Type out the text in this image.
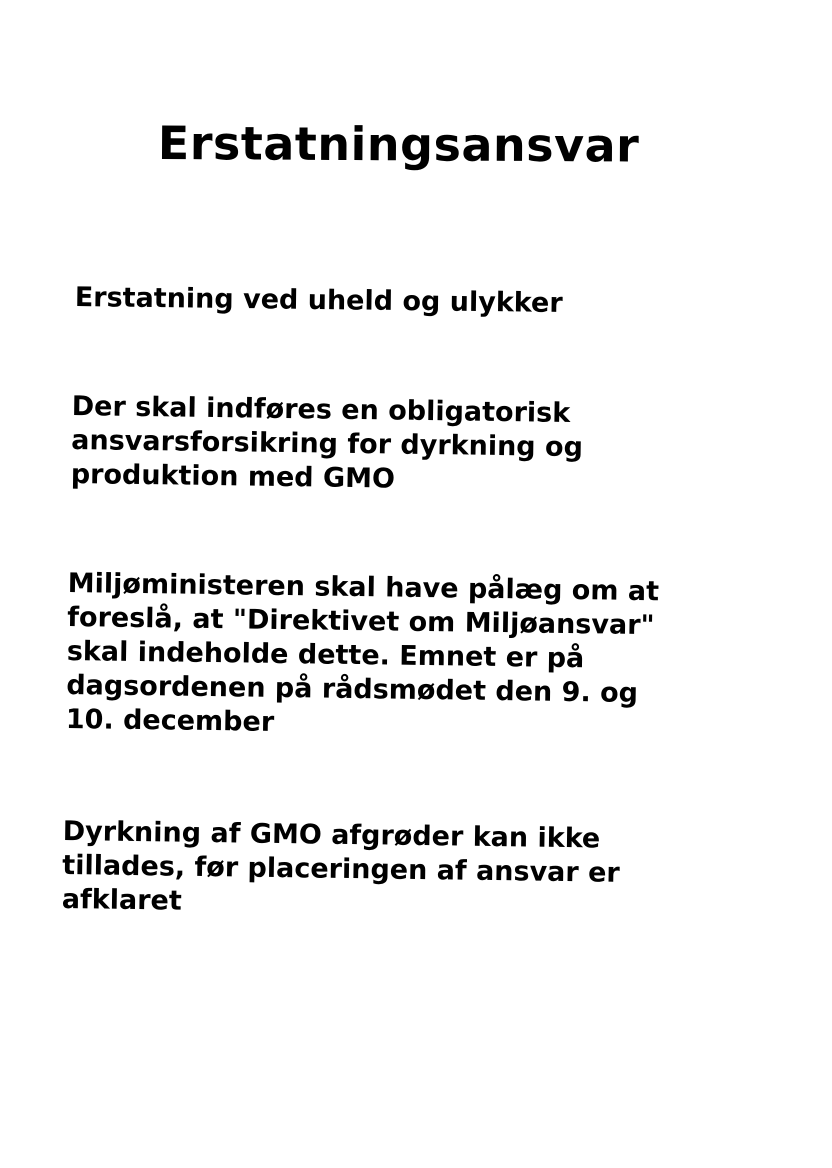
Erstatningsansvar
Erstatning ved uheld og ulykker

Der skal indføres en obligatorisk
ansvarsforsikring for dyrkning og
produktion med GMO

Miljøministeren skal have pålæg om at
foreslå, at "Direktivet om Miljøansvar"
skal indeholde dette. Emnet er på
dagsordenen på rådsmødet den 9. og
10. december

Dyrkning af GMO afgrøder kan ikke
tillades, før placeringen af ansvar er
afklaret
